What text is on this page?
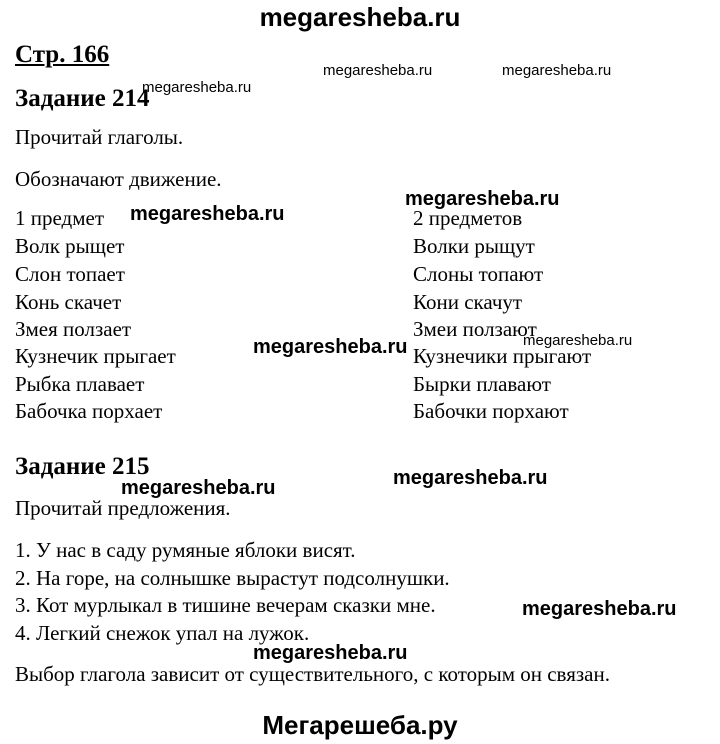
megaresheba.ru
Стр. 166
Задание 214
Прочитай глаголы.
Обозначают движение.
1 предмет	2 предметов
Волк рыщет	Волки рыщут
Слон топает	Слоны топают
Конь скачет	Кони скачут
Змея ползает	Змеи ползают
Кузнечик прыгает	Кузнечики прыгают
Рыбка плавает	Бырки плавают
Бабочка порхает	Бабочки порхают
Задание 215
Прочитай предложения.
1. У нас в саду румяные яблоки висят.
2. На горе, на солнышке вырастут подсолнушки.
3. Кот мурлыкал в тишине вечерам сказки мне.
4. Легкий снежок упал на лужок.
Выбор глагола зависит от существительного, с которым он связан.
megaresheba.ru	megaresheba.ru
megaresheba.ru
megaresheba.ru
megaresheba.ru
megaresheba.ru
megaresheba.ru
megaresheba.ru
megaresheba.ru
megaresheba.ru
megaresheba.ru
Мегарешеба.ру
